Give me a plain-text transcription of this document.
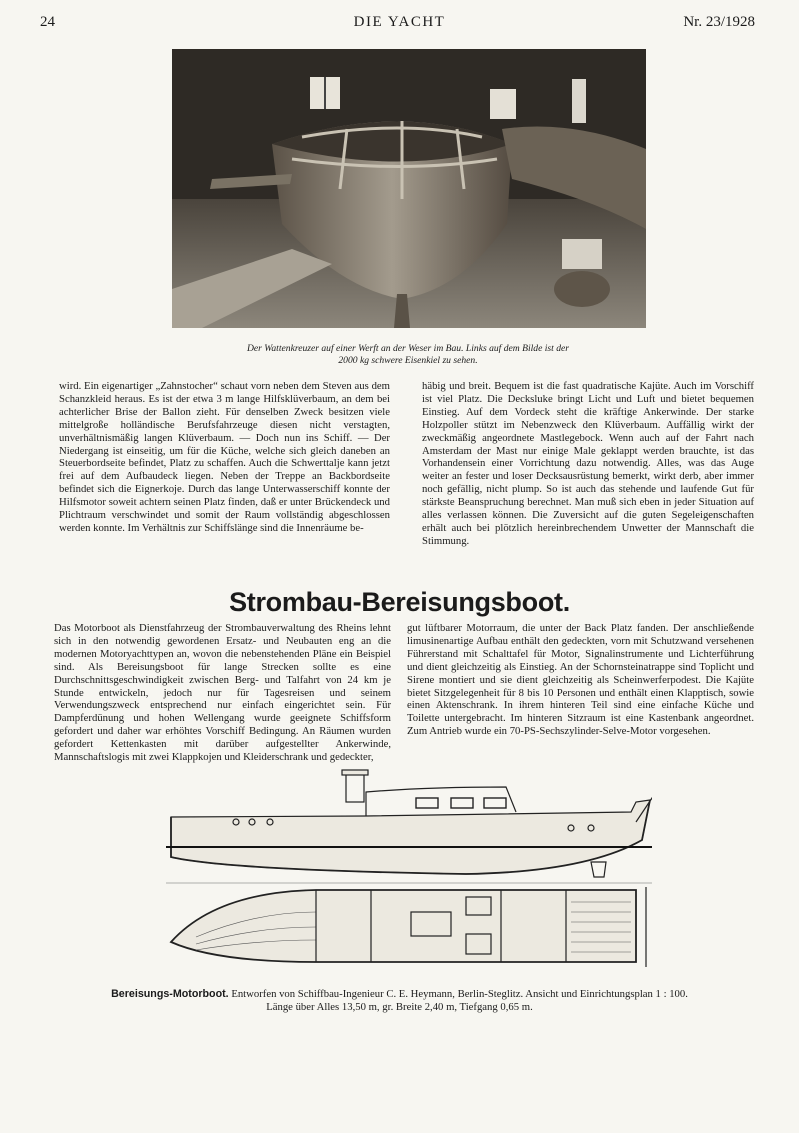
24	DIE YACHT	Nr. 23/1928
Der Wattenkreuzer auf einer Werft an der Weser im Bau. Links auf dem Bilde ist der
2000 kg schwere Eisenkiel zu sehen.

wird. Ein eigenartiger „Zahnstocher“ schaut vorn neben dem Steven aus dem Schanzkleid heraus. Es ist der etwa 3 m lange Hilfsklüverbaum, an dem bei achterlicher Brise der Ballon zieht. Für denselben Zweck besitzen viele mittelgroße holländische Berufsfahrzeuge diesen nicht verstagten, unverhältnismäßig langen Klüverbaum. — Doch nun ins Schiff. — Der Niedergang ist einseitig, um für die Küche, welche sich gleich daneben an Steuerbordseite befindet, Platz zu schaffen. Auch die Schwerttalje kann jetzt frei auf dem Aufbaudeck liegen. Neben der Treppe an Backbordseite befindet sich die Eignerkoje. Durch das lange Unterwasserschiff konnte der Hilfsmotor soweit achtern seinen Platz finden, daß er unter Brückendeck und Plichtraum verschwindet und somit der Raum vollständig abgeschlossen werden konnte. Im Verhältnis zur Schiffslänge sind die Innenräume be-

häbig und breit. Bequem ist die fast quadratische Kajüte. Auch im Vorschiff ist viel Platz. Die Decksluke bringt Licht und Luft und bietet bequemen Einstieg. Auf dem Vordeck steht die kräftige Ankerwinde. Der starke Holzpoller stützt im Nebenzweck den Klüverbaum. Auffällig wirkt der zweckmäßig angeordnete Mastlegebock. Wenn auch auf der Fahrt nach Amsterdam der Mast nur einige Male geklappt werden brauchte, ist das Vorhandensein einer Vorrichtung dazu notwendig. Alles, was das Auge weiter an fester und loser Decksausrüstung bemerkt, wirkt derb, aber immer noch gefällig, nicht plump. So ist auch das stehende und laufende Gut für stärkste Beanspruchung berechnet. Man muß sich eben in jeder Situation auf alles verlassen können. Die Zuversicht auf die guten Segeleigenschaften erhält auch bei plötzlich hereinbrechendem Unwetter der Mannschaft die Stimmung.

Strombau-Bereisungsboot.

Das Motorboot als Dienstfahrzeug der Strombauverwaltung des Rheins lehnt sich in den notwendig gewordenen Ersatz- und Neubauten eng an die modernen Motoryachttypen an, wovon die nebenstehenden Pläne ein Beispiel sind. Als Bereisungsboot für lange Strecken sollte es eine Durchschnittsgeschwindigkeit zwischen Berg- und Talfahrt von 24 km je Stunde entwickeln, jedoch nur für Tagesreisen und seinem Verwendungszweck entsprechend nur einfach eingerichtet sein. Für Dampferdünung und hohen Wellengang wurde geeignete Schiffsform gefordert und daher war erhöhtes Vorschiff Bedingung. An Räumen wurden gefordert Kettenkasten mit darüber aufgestellter Ankerwinde, Mannschaftslogis mit zwei Klappkojen und Kleiderschrank und gedeckter,

gut lüftbarer Motorraum, die unter der Back Platz fanden. Der anschließende limusinenartige Aufbau enthält den gedeckten, vorn mit Schutzwand versehenen Führerstand mit Schalttafel für Motor, Signalinstrumente und Lichterführung und dient gleichzeitig als Einstieg. An der Schornsteinatrappe sind Toplicht und Sirene montiert und sie dient gleichzeitig als Scheinwerferpodest. Die Kajüte bietet Sitzgelegenheit für 8 bis 10 Personen und enthält einen Klapptisch, sowie einen Aktenschrank. In ihrem hinteren Teil sind eine einfache Küche und Toilette untergebracht. Im hinteren Sitzraum ist eine Kastenbank angeordnet. Zum Antrieb wurde ein 70-PS-Sechszylinder-Selve-Motor vorgesehen.

Bereisungs-Motorboot. Entworfen von Schiffbau-Ingenieur C. E. Heymann, Berlin-Steglitz. Ansicht und Einrichtungsplan 1 : 100.
Länge über Alles 13,50 m, gr. Breite 2,40 m, Tiefgang 0,65 m.
